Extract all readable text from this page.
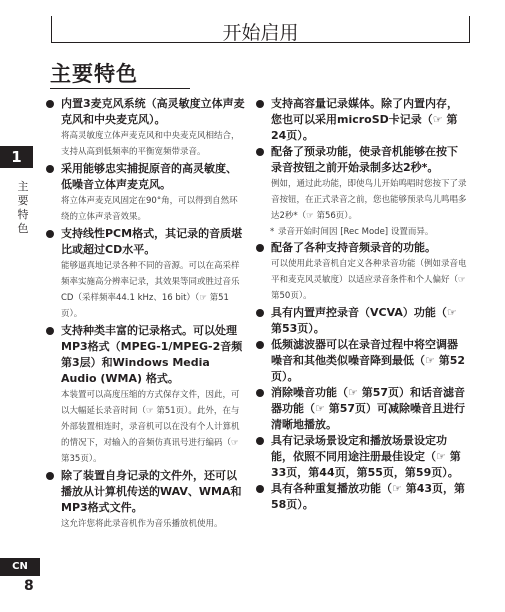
开始启用
主要特色
1
主要特色
CN
8
内置3麦克风系统（高灵敏度立体声麦克风和中央麦克风）。
将高灵敏度立体声麦克风和中央麦克风相结合，支持从高到低频率的平衡宽频带录音。
采用能够忠实捕捉原音的高灵敏度、低噪音立体声麦克风。
将立体声麦克风固定在90°角，可以得到自然环绕的立体声录音效果。
支持线性PCM格式，其记录的音质堪比或超过CD水平。
能够逼真地记录各种不同的音源。可以在高采样频率实施高分辨率记录，其效果等同或胜过音乐CD（采样频率44.1 kHz、16 bit）（☞ 第51页）。
支持种类丰富的记录格式。可以处理MP3格式（MPEG-1/MPEG-2音频第3层）和Windows Media Audio (WMA) 格式。
本装置可以高度压缩的方式保存文件，因此，可以大幅延长录音时间（☞ 第51页）。此外，在与外部装置相连时，录音机可以在没有个人计算机的情况下，对输入的音频仿真讯号进行编码（☞ 第35页）。
除了装置自身记录的文件外，还可以播放从计算机传送的WAV、WMA和MP3格式文件。
这允许您将此录音机作为音乐播放机使用。
支持高容量记录媒体。除了内置内存，您也可以采用microSD卡记录（☞ 第24页）。
配备了预录功能，使录音机能够在按下录音按钮之前开始录制多达2秒*。
例如，通过此功能，即使鸟儿开始鸣唱时您按下了录音按钮，在正式录音之前，您也能够预录鸟儿鸣唱多达2秒*（☞ 第56页）。
* 录音开始时间因 [Rec Mode] 设置而异。
配备了各种支持音频录音的功能。
可以使用此录音机自定义各种录音功能（例如录音电平和麦克风灵敏度）以适应录音条件和个人偏好（☞ 第50页）。
具有内置声控录音（VCVA）功能（☞ 第53页）。
低频滤波器可以在录音过程中将空调器噪音和其他类似噪音降到最低（☞ 第52页）。
消除噪音功能（☞ 第57页）和话音滤音器功能（☞ 第57页）可减除噪音且进行清晰地播放。
具有记录场景设定和播放场景设定功能，依照不同用途注册最佳设定（☞ 第33页，第44页，第55页，第59页）。
具有各种重复播放功能（☞ 第43页，第58页）。
